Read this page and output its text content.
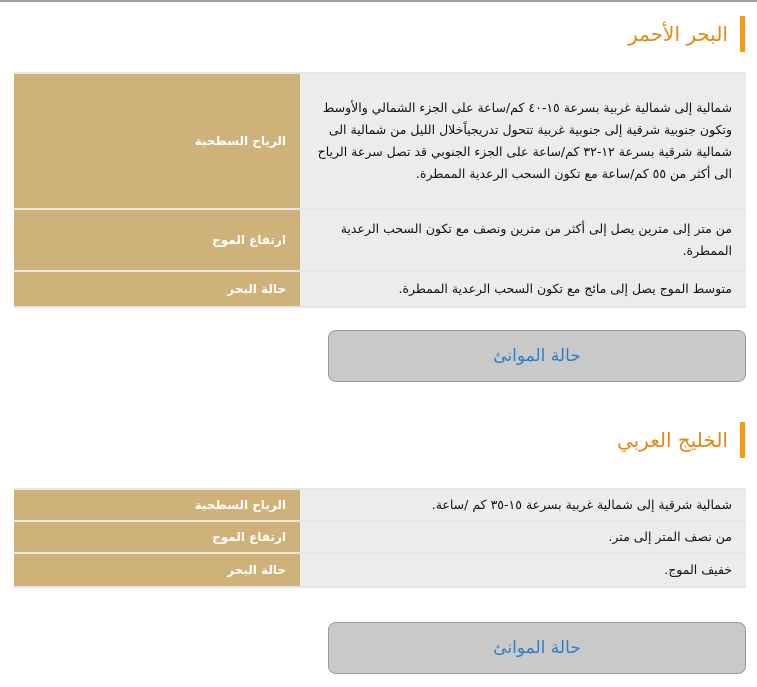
البحر الأحمر
شمالية إلى شمالية غربية بسرعة ١٥-٤٠ كم/ساعة على الجزء الشمالي والأوسط وتكون جنوبية شرقية إلى جنوبية غربية تتحول تدريجياًخلال الليل من شمالية الى شمالية شرقية بسرعة ١٢-٣٢ كم/ساعة على الجزء الجنوبي قد تصل سرعة الرياح الى أكثر من ٥٥ كم/ساعة مع تكون السحب الرعدية الممطرة.	الرياح السطحية
من متر إلى مترين يصل إلى أكثر من مترين ونصف مع تكون السحب الرعدية الممطرة.	ارتفاع الموج
متوسط الموج يصل إلى مائج مع تكون السحب الرعدية الممطرة.	حالة البحر
حالة الموانئ
الخليج العربي
شمالية شرقية إلى شمالية غربية بسرعة ١٥-٣٥ كم /ساعة.	الرياح السطحية
من نصف المتر إلى متر.	ارتفاع الموج
خفيف الموج.	حالة البحر
حالة الموانئ
